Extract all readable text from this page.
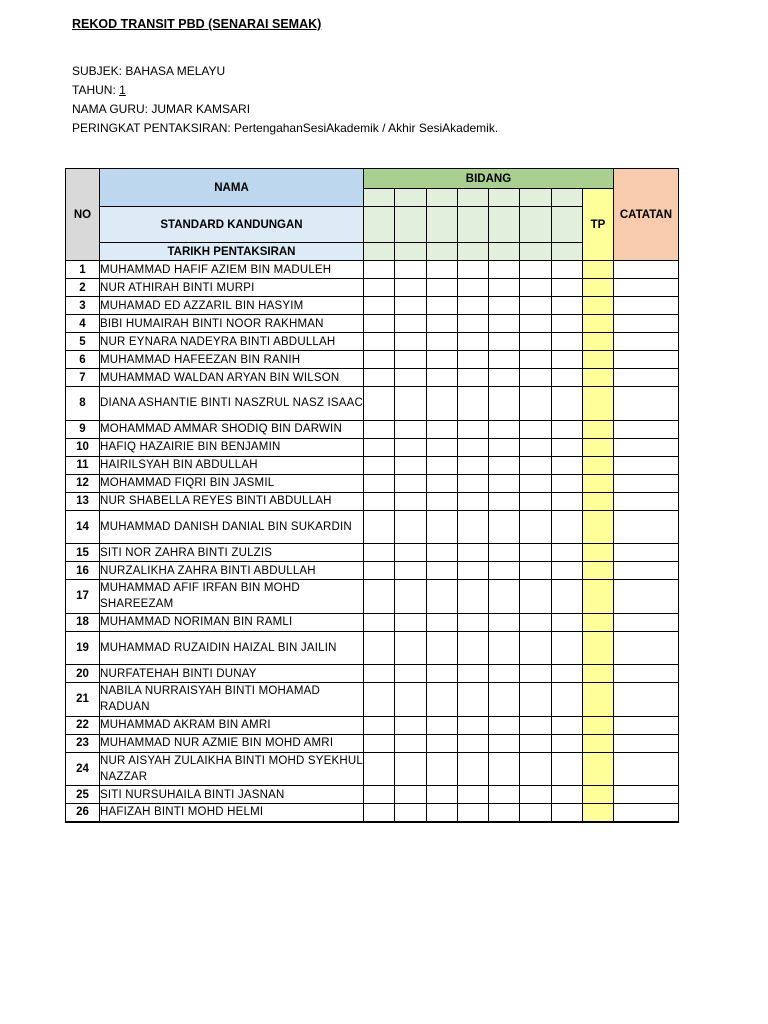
REKOD TRANSIT PBD (SENARAI SEMAK)
SUBJEK: BAHASA MELAYU
TAHUN: 1
NAMA GURU: JUMAR KAMSARI
PERINGKAT PENTAKSIRAN: PertengahanSesiAkademik / Akhir SesiAkademik.
NO	NAMA	BIDANG								CATATAN
									TP	
	STANDARD KANDUNGAN									
	TARIKH PENTAKSIRAN									
1	MUHAMMAD HAFIF AZIEM BIN MADULEH									
2	NUR ATHIRAH BINTI MURPI									
3	MUHAMAD ED AZZARIL BIN HASYIM									
4	BIBI HUMAIRAH BINTI NOOR RAKHMAN									
5	NUR EYNARA NADEYRA BINTI ABDULLAH									
6	MUHAMMAD HAFEEZAN BIN RANIH									
7	MUHAMMAD WALDAN ARYAN BIN WILSON									
8	DIANA ASHANTIE BINTI NASZRUL NASZ ISAAC									
9	MOHAMMAD AMMAR SHODIQ BIN DARWIN									
10	HAFIQ HAZAIRIE BIN BENJAMIN									
11	HAIRILSYAH BIN ABDULLAH									
12	MOHAMMAD FIQRI BIN JASMIL									
13	NUR SHABELLA REYES BINTI ABDULLAH									
14	MUHAMMAD DANISH DANIAL BIN SUKARDIN									
15	SITI NOR ZAHRA BINTI ZULZIS									
16	NURZALIKHA ZAHRA BINTI ABDULLAH									
17	MUHAMMAD AFIF IRFAN BIN MOHD SHAREEZAM									
18	MUHAMMAD NORIMAN BIN RAMLI									
19	MUHAMMAD RUZAIDIN HAIZAL BIN JAILIN									
20	NURFATEHAH BINTI DUNAY									
21	NABILA NURRAISYAH BINTI MOHAMAD RADUAN									
22	MUHAMMAD AKRAM BIN AMRI									
23	MUHAMMAD NUR AZMIE BIN MOHD AMRI									
24	NUR AISYAH ZULAIKHA BINTI MOHD SYEKHUL NAZZAR									
25	SITI NURSUHAILA BINTI JASNAN									
26	HAFIZAH BINTI MOHD HELMI									
